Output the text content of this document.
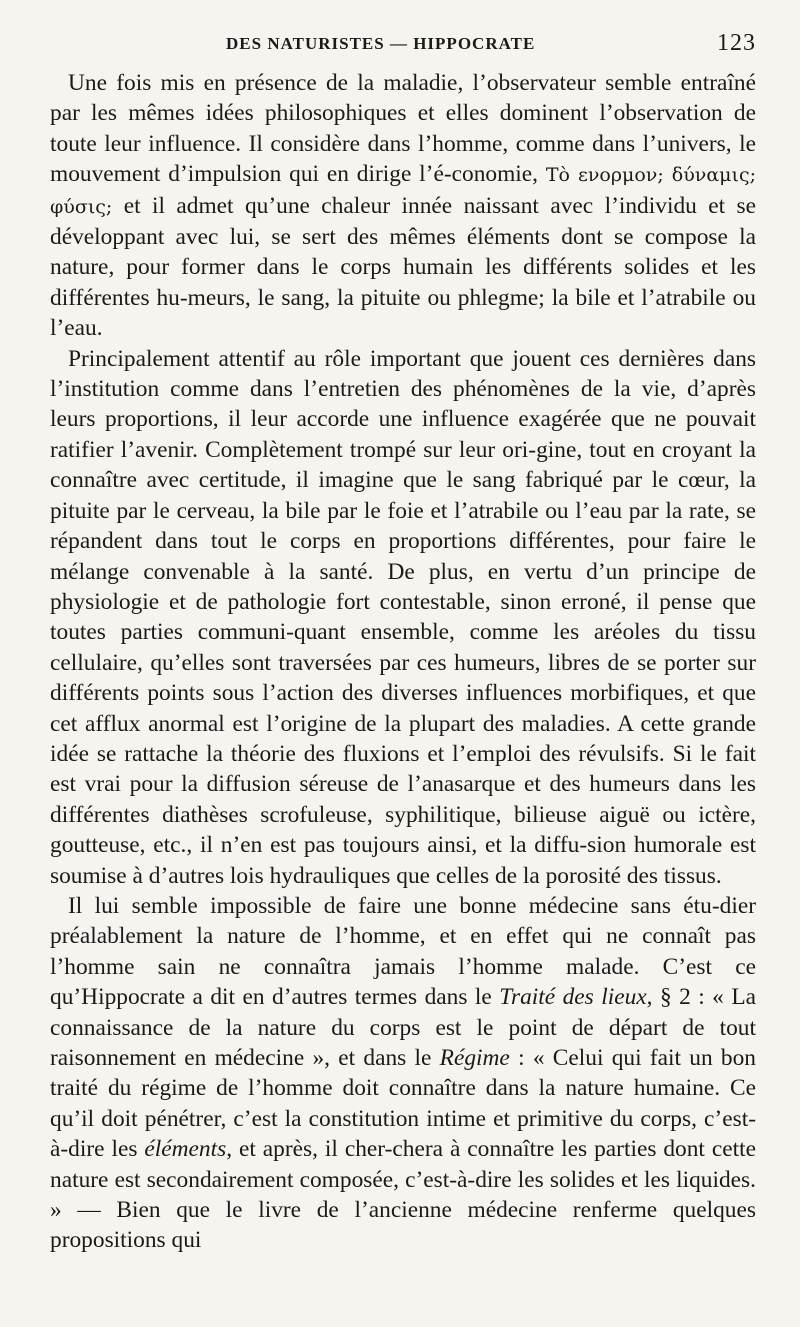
DES NATURISTES — HIPPOCRATE	123

Une fois mis en présence de la maladie, l’observateur semble entraîné par les mêmes idées philosophiques et elles dominent l’observation de toute leur influence. Il considère dans l’homme, comme dans l’univers, le mouvement d’impulsion qui en dirige l’é-conomie, Τὸ ενορμον; δύναμις; φύσις; et il admet qu’une chaleur innée naissant avec l’individu et se développant avec lui, se sert des mêmes éléments dont se compose la nature, pour former dans le corps humain les différents solides et les différentes hu-meurs, le sang, la pituite ou phlegme; la bile et l’atrabile ou l’eau.

Principalement attentif au rôle important que jouent ces dernières dans l’institution comme dans l’entretien des phénomènes de la vie, d’après leurs proportions, il leur accorde une influence exagérée que ne pouvait ratifier l’avenir. Complètement trompé sur leur ori-gine, tout en croyant la connaître avec certitude, il imagine que le sang fabriqué par le cœur, la pituite par le cerveau, la bile par le foie et l’atrabile ou l’eau par la rate, se répandent dans tout le corps en proportions différentes, pour faire le mélange convenable à la santé. De plus, en vertu d’un principe de physiologie et de pathologie fort contestable, sinon erroné, il pense que toutes parties communi-quant ensemble, comme les aréoles du tissu cellulaire, qu’elles sont traversées par ces humeurs, libres de se porter sur différents points sous l’action des diverses influences morbifiques, et que cet afflux anormal est l’origine de la plupart des maladies. A cette grande idée se rattache la théorie des fluxions et l’emploi des révulsifs. Si le fait est vrai pour la diffusion séreuse de l’anasarque et des humeurs dans les différentes diathèses scrofuleuse, syphilitique, bilieuse aiguë ou ictère, goutteuse, etc., il n’en est pas toujours ainsi, et la diffu-sion humorale est soumise à d’autres lois hydrauliques que celles de la porosité des tissus.

Il lui semble impossible de faire une bonne médecine sans étu-dier préalablement la nature de l’homme, et en effet qui ne connaît pas l’homme sain ne connaîtra jamais l’homme malade. C’est ce qu’Hippocrate a dit en d’autres termes dans le Traité des lieux, § 2 : « La connaissance de la nature du corps est le point de départ de tout raisonnement en médecine », et dans le Régime : « Celui qui fait un bon traité du régime de l’homme doit connaître dans la nature humaine. Ce qu’il doit pénétrer, c’est la constitution intime et primitive du corps, c’est-à-dire les éléments, et après, il cher-chera à connaître les parties dont cette nature est secondairement composée, c’est-à-dire les solides et les liquides. » — Bien que le livre de l’ancienne médecine renferme quelques propositions qui
